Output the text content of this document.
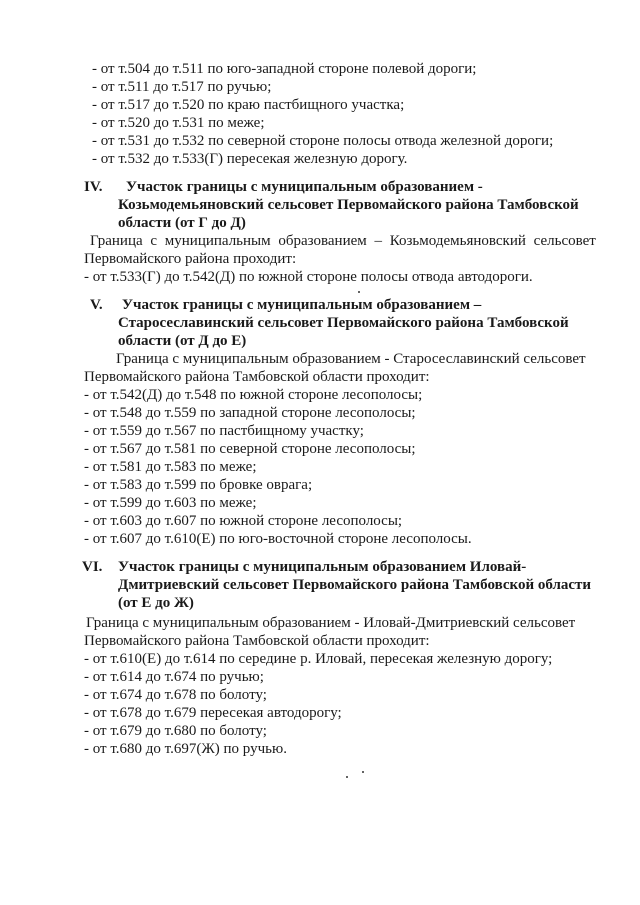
- от т.504 до т.511 по юго-западной стороне полевой дороги;
- от т.511 до т.517 по ручью;
- от т.517 до т.520 по краю пастбищного участка;
- от т.520 до т.531 по меже;
- от т.531 до т.532 по северной стороне полосы отвода железной дороги;
- от т.532 до т.533(Г) пересекая железную дорогу.
IV. Участок границы с муниципальным образованием -
Козьмодемьяновский сельсовет Первомайского района Тамбовской
области (от Г до Д)
Граница с муниципальным образованием – Козьмодемьяновский сельсовет
Первомайского района проходит:
- от т.533(Г) до т.542(Д) по южной стороне полосы отвода автодороги.
V. Участок границы с муниципальным образованием –
Старосеславинский сельсовет Первомайского района Тамбовской
области (от Д до Е)
Граница с муниципальным образованием - Старосеславинский сельсовет
Первомайского района Тамбовской области проходит:
- от т.542(Д) до т.548 по южной стороне лесополосы;
- от т.548 до т.559 по западной стороне лесополосы;
- от т.559 до т.567 по пастбищному участку;
- от т.567 до т.581 по северной стороне лесополосы;
- от т.581 до т.583 по меже;
- от т.583 до т.599 по бровке оврага;
- от т.599 до т.603 по меже;
- от т.603 до т.607 по южной стороне лесополосы;
- от т.607 до т.610(Е) по юго-восточной стороне лесополосы.
VI. Участок границы с муниципальным образованием Иловай-
Дмитриевский сельсовет Первомайского района Тамбовской области
(от Е до Ж)
Граница с муниципальным образованием - Иловай-Дмитриевский сельсовет
Первомайского района Тамбовской области проходит:
- от т.610(Е) до т.614 по середине р. Иловай, пересекая железную дорогу;
- от т.614 до т.674 по ручью;
- от т.674 до т.678 по болоту;
- от т.678 до т.679 пересекая автодорогу;
- от т.679 до т.680 по болоту;
- от т.680 до т.697(Ж) по ручью.
